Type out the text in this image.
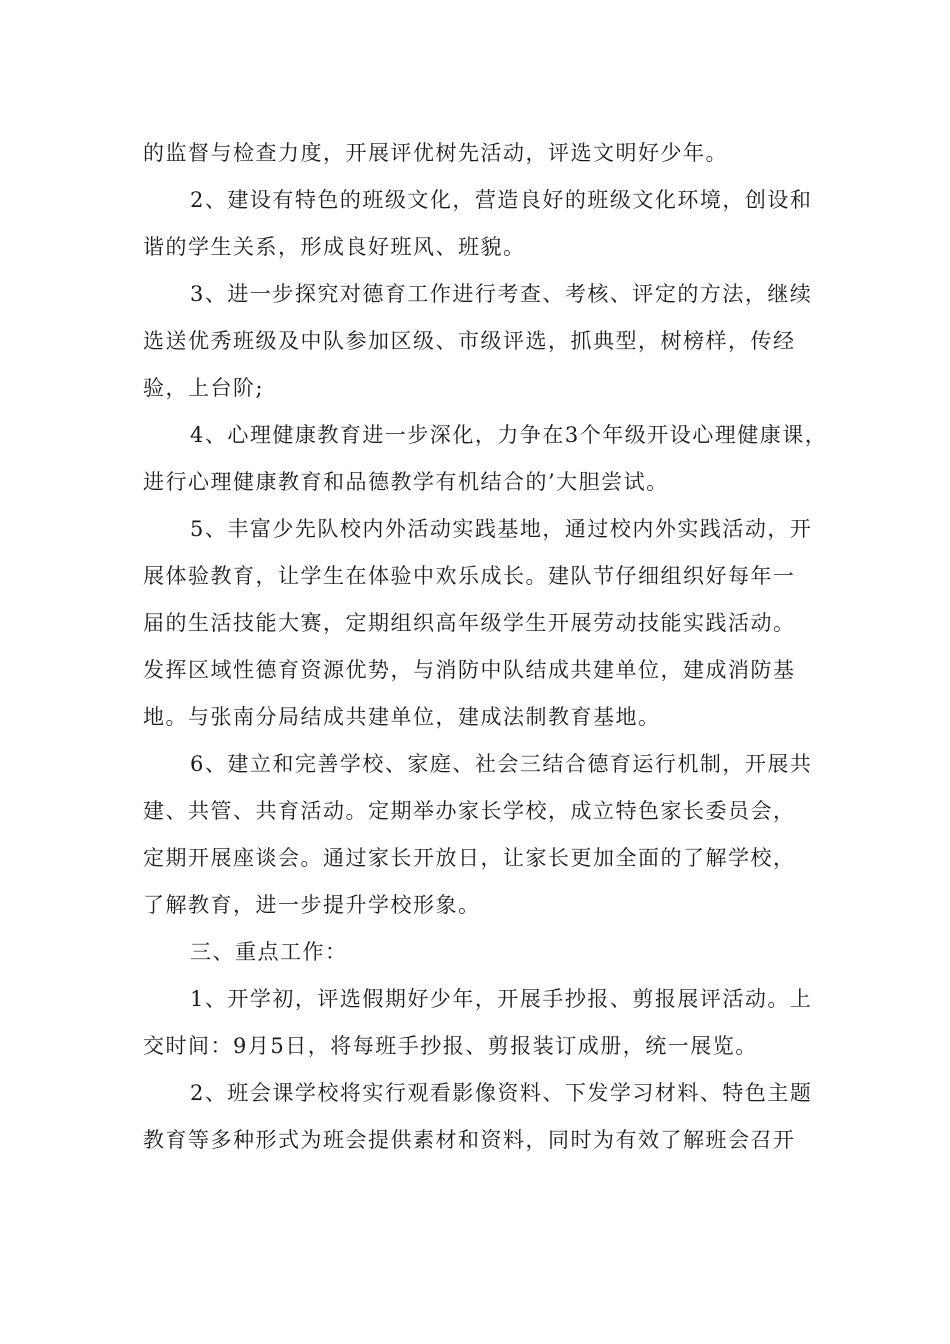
的监督与检查力度，开展评优树先活动，评选文明好少年。

2、建设有特色的班级文化，营造良好的班级文化环境，创设和

谐的学生关系，形成良好班风、班貌。

3、进一步探究对德育工作进行考查、考核、评定的方法，继续

选送优秀班级及中队参加区级、市级评选，抓典型，树榜样，传经

验，上台阶;

4、心理健康教育进一步深化，力争在3个年级开设心理健康课，

进行心理健康教育和品德教学有机结合的’大胆尝试。

5、丰富少先队校内外活动实践基地，通过校内外实践活动，开

展体验教育，让学生在体验中欢乐成长。建队节仔细组织好每年一

届的生活技能大赛，定期组织高年级学生开展劳动技能实践活动。

发挥区域性德育资源优势，与消防中队结成共建单位，建成消防基

地。与张南分局结成共建单位，建成法制教育基地。

6、建立和完善学校、家庭、社会三结合德育运行机制，开展共

建、共管、共育活动。定期举办家长学校，成立特色家长委员会，

定期开展座谈会。通过家长开放日，让家长更加全面的了解学校，

了解教育，进一步提升学校形象。

三、重点工作：

1、开学初，评选假期好少年，开展手抄报、剪报展评活动。上

交时间：9月5日，将每班手抄报、剪报装订成册，统一展览。

2、班会课学校将实行观看影像资料、下发学习材料、特色主题

教育等多种形式为班会提供素材和资料，同时为有效了解班会召开
